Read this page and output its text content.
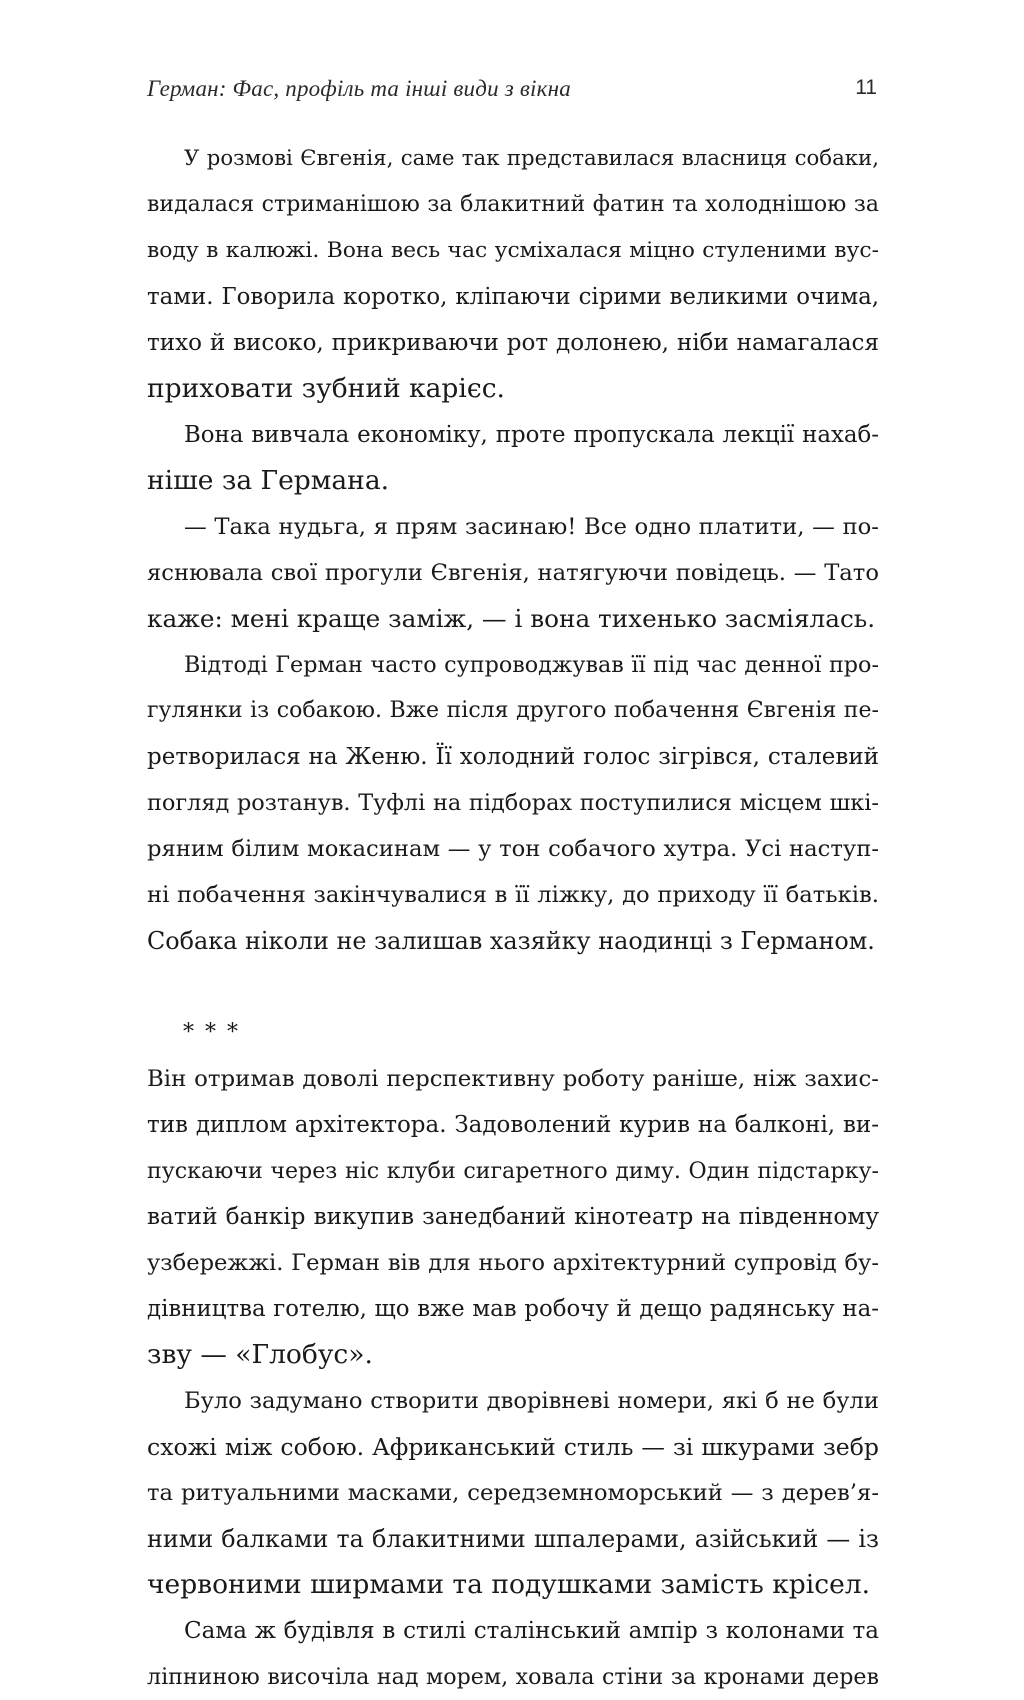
Герман: Фас, профіль та інші види з вікна	11
У розмові Євгенія, саме так представилася власниця собаки,
видалася стриманішою за блакитний фатин та холоднішою за
воду в калюжі. Вона весь час усміхалася міцно стуленими вус-
тами. Говорила коротко, кліпаючи сірими великими очима,
тихо й високо, прикриваючи рот долонею, ніби намагалася
приховати зубний карієс.
Вона вивчала економіку, проте пропускала лекції нахаб-
ніше за Германа.
— Така нудьга, я прям засинаю! Все одно платити, — по-
яснювала свої прогули Євгенія, натягуючи повідець. — Тато
каже: мені краще заміж, — і вона тихенько засміялась.
Відтоді Герман часто супроводжував її під час денної про-
гулянки із собакою. Вже після другого побачення Євгенія пе-
ретворилася на Женю. Її холодний голос зігрівся, сталевий
погляд розтанув. Туфлі на підборах поступилися місцем шкі-
ряним білим мокасинам — у тон собачого хутра. Усі наступ-
ні побачення закінчувалися в її ліжку, до приходу її батьків.
Собака ніколи не залишав хазяйку наодинці з Германом.
* * *
Він отримав доволі перспективну роботу раніше, ніж захис-
тив диплом архітектора. Задоволений курив на балконі, ви-
пускаючи через ніс клуби сигаретного диму. Один підстарку-
ватий банкір викупив занедбаний кінотеатр на південному
узбережжі. Герман вів для нього архітектурний супровід бу-
дівництва готелю, що вже мав робочу й дещо радянську на-
зву — «Глобус».
Було задумано створити дворівневі номери, які б не були
схожі між собою. Африканський стиль — зі шкурами зебр
та ритуальними масками, середземноморський — з дерев’я-
ними балками та блакитними шпалерами, азійський — із
червоними ширмами та подушками замість крісел.
Сама ж будівля в стилі сталінський ампір з колонами та
ліпниною височіла над морем, ховала стіни за кронами дерев
